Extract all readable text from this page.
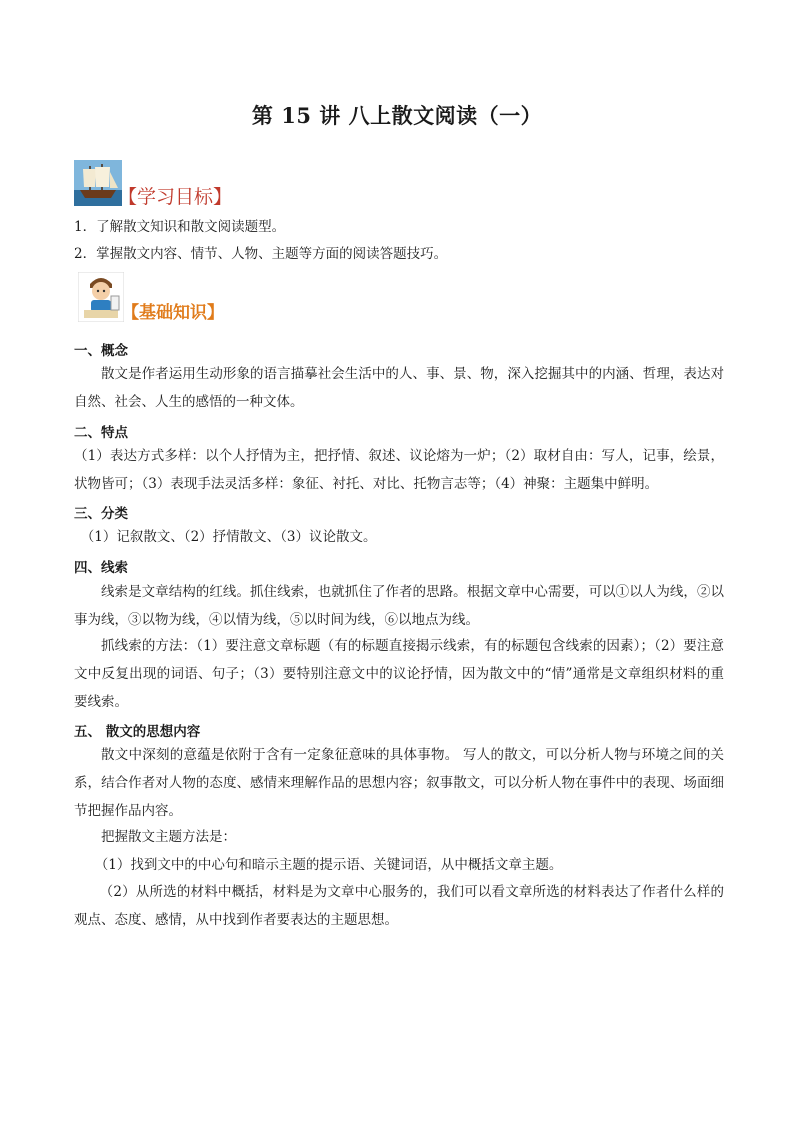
第 15 讲 八上散文阅读（一）
【学习目标】
1．了解散文知识和散文阅读题型。
2．掌握散文内容、情节、人物、主题等方面的阅读答题技巧。
【基础知识】
一、概念
散文是作者运用生动形象的语言描摹社会生活中的人、事、景、物，深入挖掘其中的内涵、哲理，表达对自然、社会、人生的感悟的一种文体。
二、特点
（1）表达方式多样：以个人抒情为主，把抒情、叙述、议论熔为一炉；（2）取材自由：写人，记事，绘景，状物皆可；（3）表现手法灵活多样：象征、衬托、对比、托物言志等；（4）神聚：主题集中鲜明。
三、分类
（1）记叙散文、（2）抒情散文、（3）议论散文。
四、线索
线索是文章结构的红线。抓住线索，也就抓住了作者的思路。根据文章中心需要，可以①以人为线，②以事为线，③以物为线，④以情为线，⑤以时间为线，⑥以地点为线。
抓线索的方法：（1）要注意文章标题（有的标题直接揭示线索，有的标题包含线索的因素）；（2）要注意文中反复出现的词语、句子；（3）要特别注意文中的议论抒情，因为散文中的“情”通常是文章组织材料的重要线索。
五、 散文的思想内容
散文中深刻的意蕴是依附于含有一定象征意味的具体事物。 写人的散文，可以分析人物与环境之间的关系，结合作者对人物的态度、感情来理解作品的思想内容；叙事散文，可以分析人物在事件中的表现、场面细节把握作品内容。
把握散文主题方法是：
（1）找到文中的中心句和暗示主题的提示语、关键词语，从中概括文章主题。
（2）从所选的材料中概括，材料是为文章中心服务的，我们可以看文章所选的材料表达了作者什么样的观点、态度、感情，从中找到作者要表达的主题思想。
